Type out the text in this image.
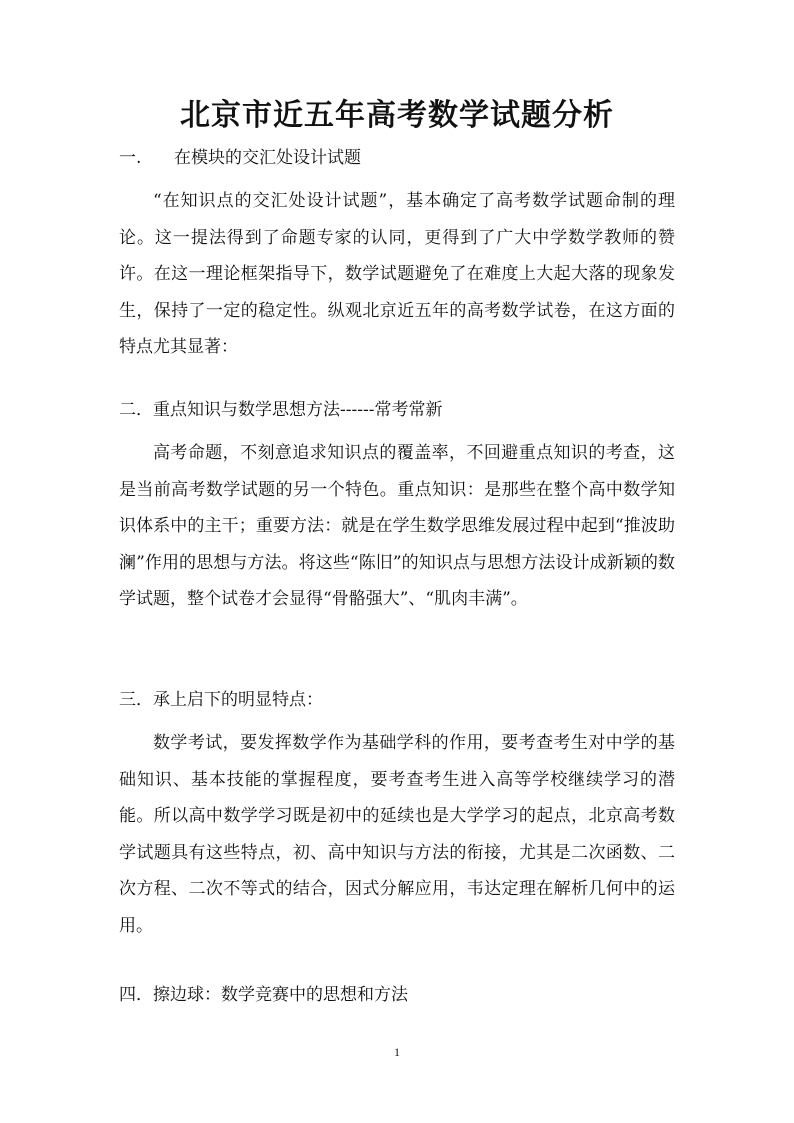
北京市近五年高考数学试题分析
一. 在模块的交汇处设计试题

“在知识点的交汇处设计试题”，基本确定了高考数学试题命制的理论。这一提法得到了命题专家的认同，更得到了广大中学数学教师的赞许。在这一理论框架指导下，数学试题避免了在难度上大起大落的现象发生，保持了一定的稳定性。纵观北京近五年的高考数学试卷，在这方面的特点尤其显著：

二．重点知识与数学思想方法------常考常新

高考命题，不刻意追求知识点的覆盖率，不回避重点知识的考查，这是当前高考数学试题的另一个特色。重点知识：是那些在整个高中数学知识体系中的主干；重要方法：就是在学生数学思维发展过程中起到“推波助澜”作用的思想与方法。将这些“陈旧”的知识点与思想方法设计成新颖的数学试题，整个试卷才会显得“骨骼强大”、“肌肉丰满”。

三．承上启下的明显特点：

数学考试，要发挥数学作为基础学科的作用，要考查考生对中学的基础知识、基本技能的掌握程度，要考查考生进入高等学校继续学习的潜能。所以高中数学学习既是初中的延续也是大学学习的起点，北京高考数学试题具有这些特点，初、高中知识与方法的衔接，尤其是二次函数、二次方程、二次不等式的结合，因式分解应用，韦达定理在解析几何中的运用。

四．擦边球：数学竞赛中的思想和方法

1
